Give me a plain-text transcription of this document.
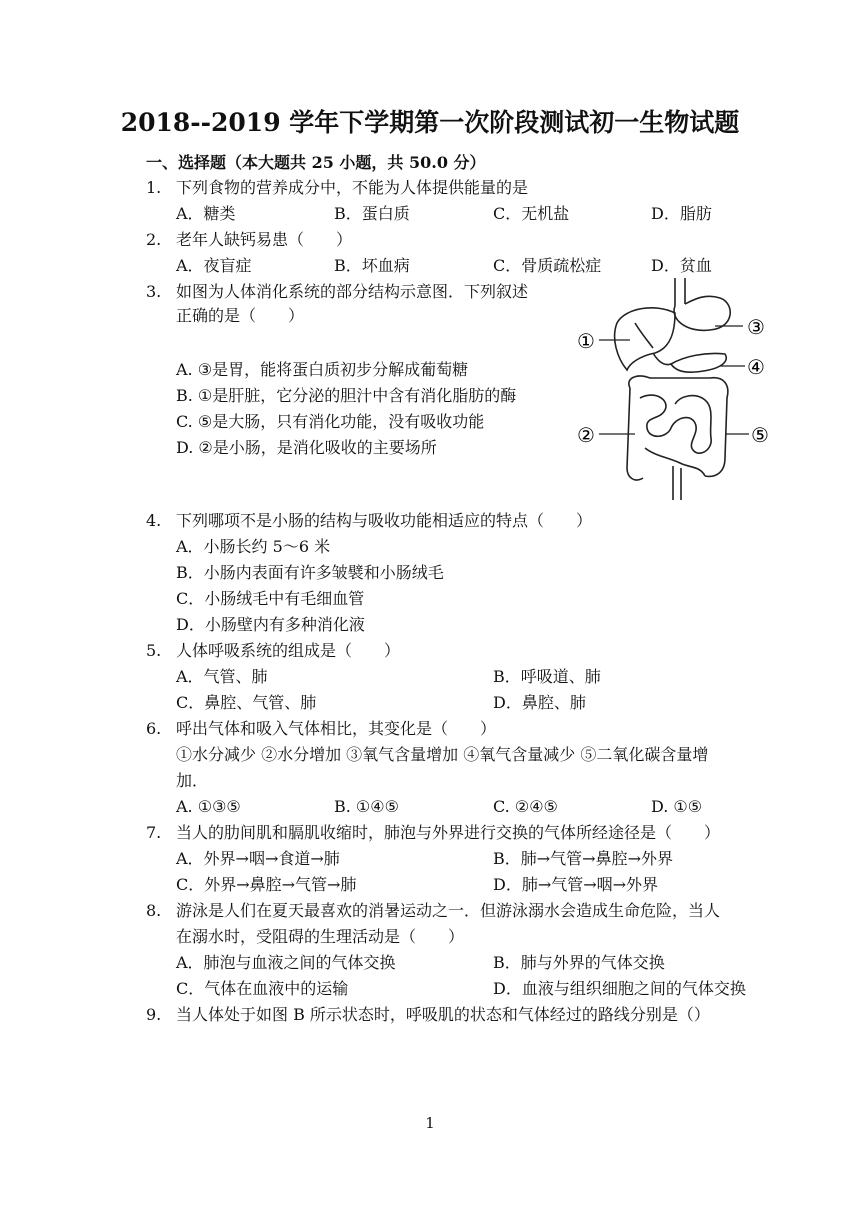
2018--2019 学年下学期第一次阶段测试初一生物试题
一、选择题（本大题共 25 小题，共 50.0 分）
1. 下列食物的营养成分中，不能为人体提供能量的是
A．糖类	B．蛋白质	C．无机盐	D．脂肪
2. 老年人缺钙易患（　　）
A．夜盲症	B．坏血病	C．骨质疏松症	D．贫血
3. 如图为人体消化系统的部分结构示意图．下列叙述
正确的是（　　）
A. ③是胃，能将蛋白质初步分解成葡萄糖
B. ①是肝脏，它分泌的胆汁中含有消化脂肪的酶
C. ⑤是大肠，只有消化功能，没有吸收功能
D. ②是小肠，是消化吸收的主要场所
①
②
③
④
⑤
4. 下列哪项不是小肠的结构与吸收功能相适应的特点（　　）
A．小肠长约 5～6 米
B．小肠内表面有许多皱襞和小肠绒毛
C．小肠绒毛中有毛细血管
D．小肠壁内有多种消化液
5. 人体呼吸系统的组成是（　　）
A．气管、肺	B．呼吸道、肺
C．鼻腔、气管、肺	D．鼻腔、肺
6. 呼出气体和吸入气体相比，其变化是（　　）
①水分减少 ②水分增加 ③氧气含量增加 ④氧气含量减少 ⑤二氧化碳含量增
加．
A. ①③⑤	B. ①④⑤	C. ②④⑤	D. ①⑤
7. 当人的肋间肌和膈肌收缩时，肺泡与外界进行交换的气体所经途径是（　　）
A．外界→咽→食道→肺	B．肺→气管→鼻腔→外界
C．外界→鼻腔→气管→肺	D．肺→气管→咽→外界
8. 游泳是人们在夏天最喜欢的消暑运动之一．但游泳溺水会造成生命危险，当人
在溺水时，受阻碍的生理活动是（　　）
A．肺泡与血液之间的气体交换	B．肺与外界的气体交换
C．气体在血液中的运输	D．血液与组织细胞之间的气体交换
9. 当人体处于如图 B 所示状态时，呼吸肌的状态和气体经过的路线分别是（）
1
